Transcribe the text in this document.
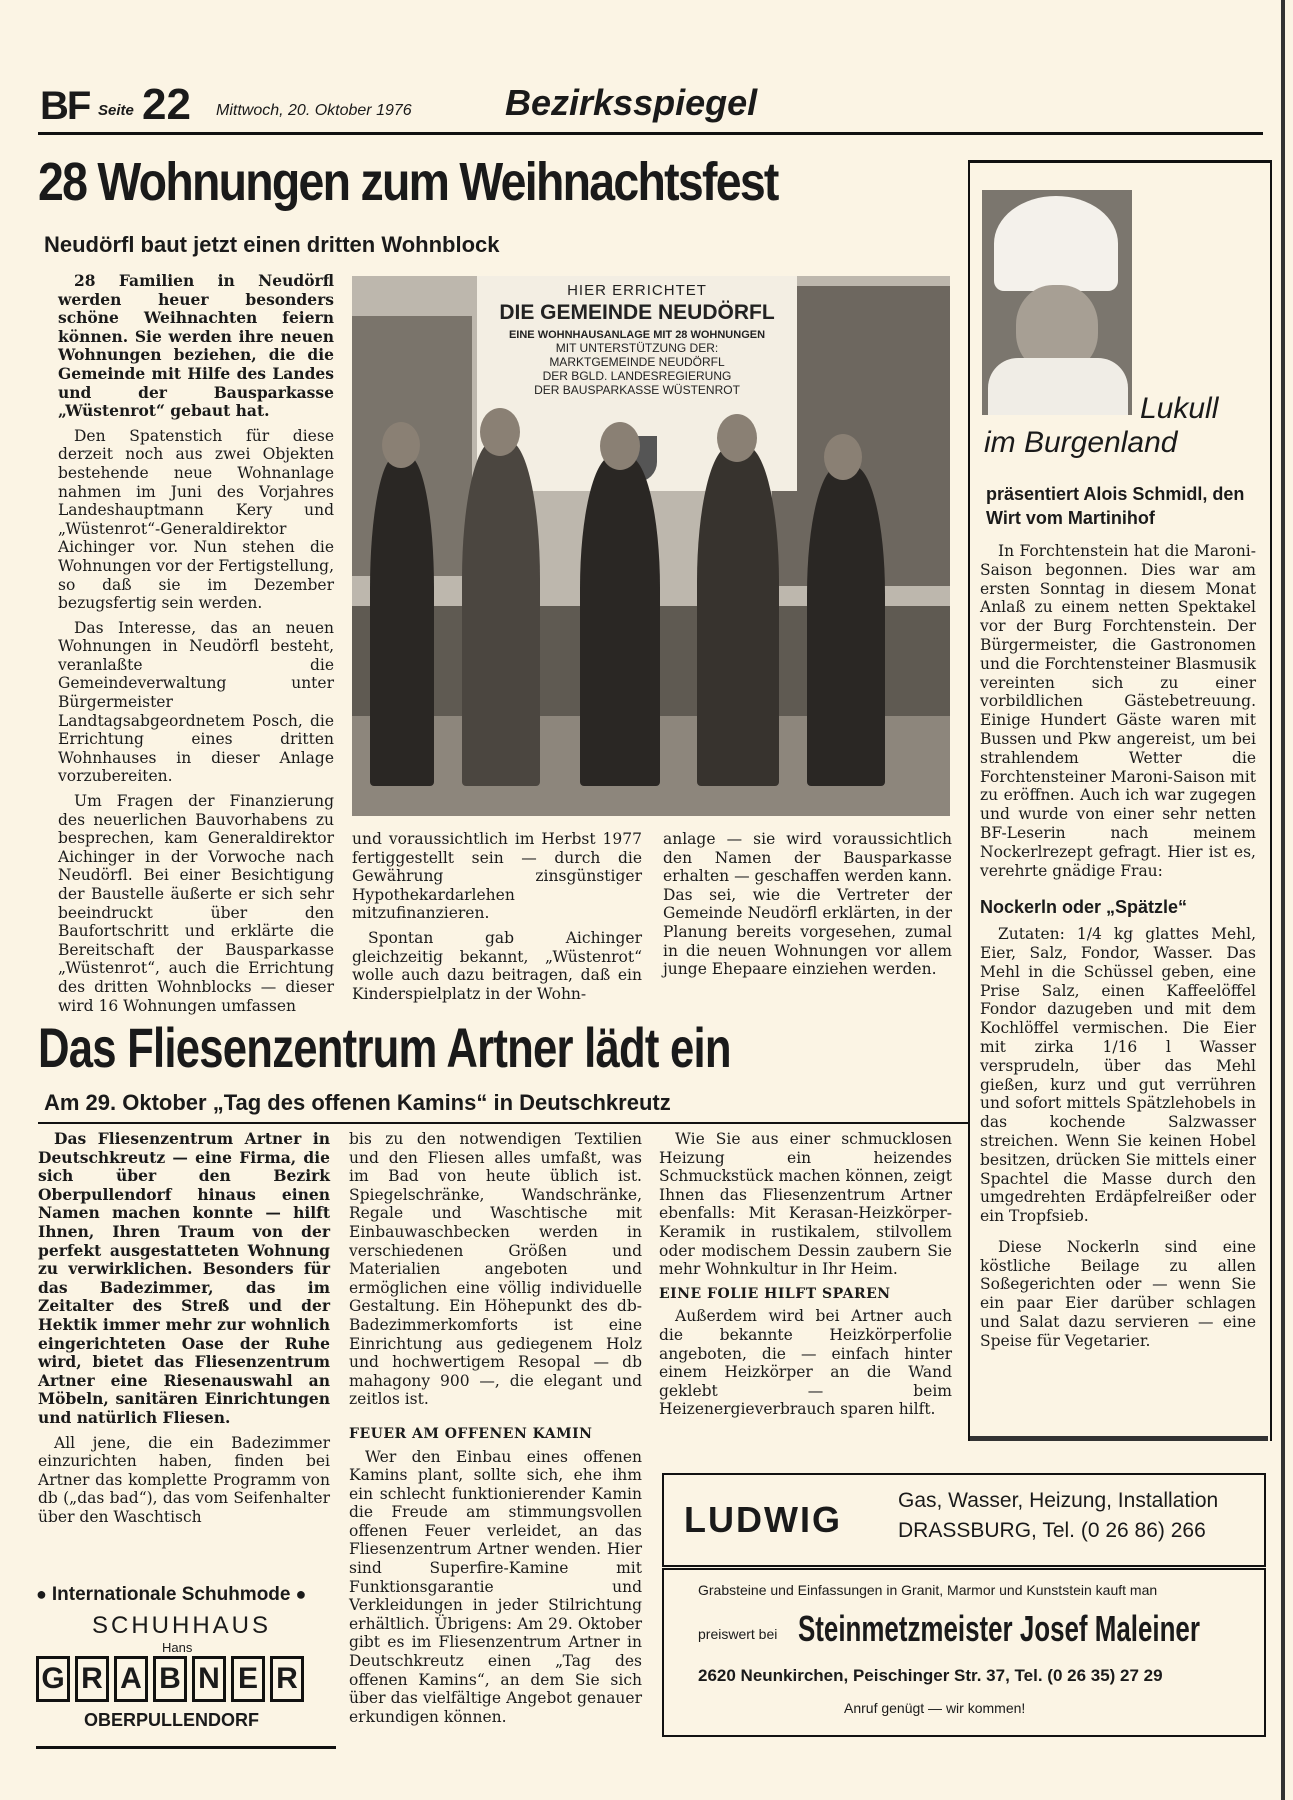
BF Seite 22 Mittwoch, 20. Oktober 1976	Bezirksspiegel
28 Wohnungen zum Weihnachtsfest
Neudörfl baut jetzt einen dritten Wohnblock

28 Familien in Neudörfl werden heuer besonders schöne Weihnachten feiern können. Sie werden ihre neuen Wohnungen beziehen, die die Gemeinde mit Hilfe des Landes und der Bausparkasse „Wüstenrot“ gebaut hat.

Den Spatenstich für diese derzeit noch aus zwei Objekten bestehende neue Wohnanlage nahmen im Juni des Vorjahres Landeshauptmann Kery und „Wüstenrot“-Generaldirektor Aichinger vor. Nun stehen die Wohnungen vor der Fertigstellung, so daß sie im Dezember bezugsfertig sein werden.

Das Interesse, das an neuen Wohnungen in Neudörfl besteht, veranlaßte die Gemeindeverwaltung unter Bürgermeister Landtagsabgeordnetem Posch, die Errichtung eines dritten Wohnhauses in dieser Anlage vorzubereiten.

Um Fragen der Finanzierung des neuerlichen Bauvorhabens zu besprechen, kam Generaldirektor Aichinger in der Vorwoche nach Neudörfl. Bei einer Besichtigung der Baustelle äußerte er sich sehr beeindruckt über den Baufortschritt und erklärte die Bereitschaft der Bausparkasse „Wüstenrot“, auch die Errichtung des dritten Wohnblocks — dieser wird 16 Wohnungen umfassen

HIER ERRICHTET
DIE GEMEINDE NEUDÖRFL
EINE WOHNHAUSANLAGE MIT 28 WOHNUNGEN
MIT UNTERSTÜTZUNG DER:
MARKTGEMEINDE NEUDÖRFL
DER BGLD. LANDESREGIERUNG
DER BAUSPARKASSE WÜSTENROT

und voraussichtlich im Herbst 1977 fertiggestellt sein — durch die Gewährung zinsgünstiger Hypothekardarlehen mitzufinanzieren.

Spontan gab Aichinger gleichzeitig bekannt, „Wüstenrot“ wolle auch dazu beitragen, daß ein Kinderspielplatz in der Wohn-

anlage — sie wird voraussichtlich den Namen der Bausparkasse erhalten — geschaffen werden kann. Das sei, wie die Vertreter der Gemeinde Neudörfl erklärten, in der Planung bereits vorgesehen, zumal in die neuen Wohnungen vor allem junge Ehepaare einziehen werden.

Das Fliesenzentrum Artner lädt ein
Am 29. Oktober „Tag des offenen Kamins“ in Deutschkreutz

Das Fliesenzentrum Artner in Deutschkreutz — eine Firma, die sich über den Bezirk Oberpullendorf hinaus einen Namen machen konnte — hilft Ihnen, Ihren Traum von der perfekt ausgestatteten Wohnung zu verwirklichen. Besonders für das Badezimmer, das im Zeitalter des Streß und der Hektik immer mehr zur wohnlich eingerichteten Oase der Ruhe wird, bietet das Fliesenzentrum Artner eine Riesenauswahl an Möbeln, sanitären Einrichtungen und natürlich Fliesen.

All jene, die ein Badezimmer einzurichten haben, finden bei Artner das komplette Programm von db („das bad“), das vom Seifenhalter über den Waschtisch

bis zu den notwendigen Textilien und den Fliesen alles umfaßt, was im Bad von heute üblich ist. Spiegelschränke, Wandschränke, Regale und Waschtische mit Einbauwaschbecken werden in verschiedenen Größen und Materialien angeboten und ermöglichen eine völlig individuelle Gestaltung. Ein Höhepunkt des db-Badezimmerkomforts ist eine Einrichtung aus gediegenem Holz und hochwertigem Resopal — db mahagony 900 —, die elegant und zeitlos ist.

FEUER AM OFFENEN KAMIN

Wer den Einbau eines offenen Kamins plant, sollte sich, ehe ihm ein schlecht funktionierender Kamin die Freude am stimmungsvollen offenen Feuer verleidet, an das Fliesenzentrum Artner wenden. Hier sind Superfire-Kamine mit Funktionsgarantie und Verkleidungen in jeder Stilrichtung erhältlich. Übrigens: Am 29. Oktober gibt es im Fliesenzentrum Artner in Deutschkreutz einen „Tag des offenen Kamins“, an dem Sie sich über das vielfältige Angebot genauer erkundigen können.

Wie Sie aus einer schmucklosen Heizung ein heizendes Schmuckstück machen können, zeigt Ihnen das Fliesenzentrum Artner ebenfalls: Mit Kerasan-Heizkörper-Keramik in rustikalem, stilvollem oder modischem Dessin zaubern Sie mehr Wohnkultur in Ihr Heim.

EINE FOLIE HILFT SPAREN

Außerdem wird bei Artner auch die bekannte Heizkörperfolie angeboten, die — einfach hinter einem Heizkörper an die Wand geklebt — beim Heizenergieverbrauch sparen hilft.

Lukull
im Burgenland
präsentiert Alois Schmidl, den Wirt vom Martinihof

In Forchtenstein hat die Maroni-Saison begonnen. Dies war am ersten Sonntag in diesem Monat Anlaß zu einem netten Spektakel vor der Burg Forchtenstein. Der Bürgermeister, die Gastronomen und die Forchtensteiner Blasmusik vereinten sich zu einer vorbildlichen Gästebetreuung. Einige Hundert Gäste waren mit Bussen und Pkw angereist, um bei strahlendem Wetter die Forchtensteiner Maroni-Saison mit zu eröffnen. Auch ich war zugegen und wurde von einer sehr netten BF-Leserin nach meinem Nockerlrezept gefragt. Hier ist es, verehrte gnädige Frau:

Nockerln oder „Spätzle“

Zutaten: 1/4 kg glattes Mehl, Eier, Salz, Fondor, Wasser. Das Mehl in die Schüssel geben, eine Prise Salz, einen Kaffeelöffel Fondor dazugeben und mit dem Kochlöffel vermischen. Die Eier mit zirka 1/16 l Wasser versprudeln, über das Mehl gießen, kurz und gut verrühren und sofort mittels Spätzlehobels in das kochende Salzwasser streichen. Wenn Sie keinen Hobel besitzen, drücken Sie mittels einer Spachtel die Masse durch den umgedrehten Erdäpfelreißer oder ein Tropfsieb.

Diese Nockerln sind eine köstliche Beilage zu allen Soßegerichten oder — wenn Sie ein paar Eier darüber schlagen und Salat dazu servieren — eine Speise für Vegetarier.

LUDWIG	Gas, Wasser, Heizung, Installation
DRASSBURG, Tel. (0 26 86) 266
Grabsteine und Einfassungen in Granit, Marmor und Kunststein kauft man
preiswert bei Steinmetzmeister Josef Maleiner
2620 Neunkirchen, Peischinger Str. 37, Tel. (0 26 35) 27 29
Anruf genügt — wir kommen!
● Internationale Schuhmode ●
SCHUHHAUS
Hans
G R A B N E R
OBERPULLENDORF
